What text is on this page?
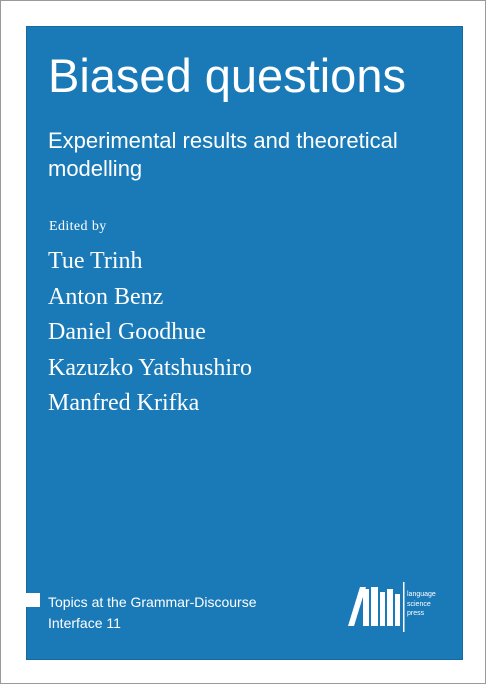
Biased questions
Experimental results and theoretical modelling
Edited by
Tue Trinh
Anton Benz
Daniel Goodhue
Kazuzko Yatshushiro
Manfred Krifka
Topics at the Grammar-Discourse
Interface 11
language
science
press
